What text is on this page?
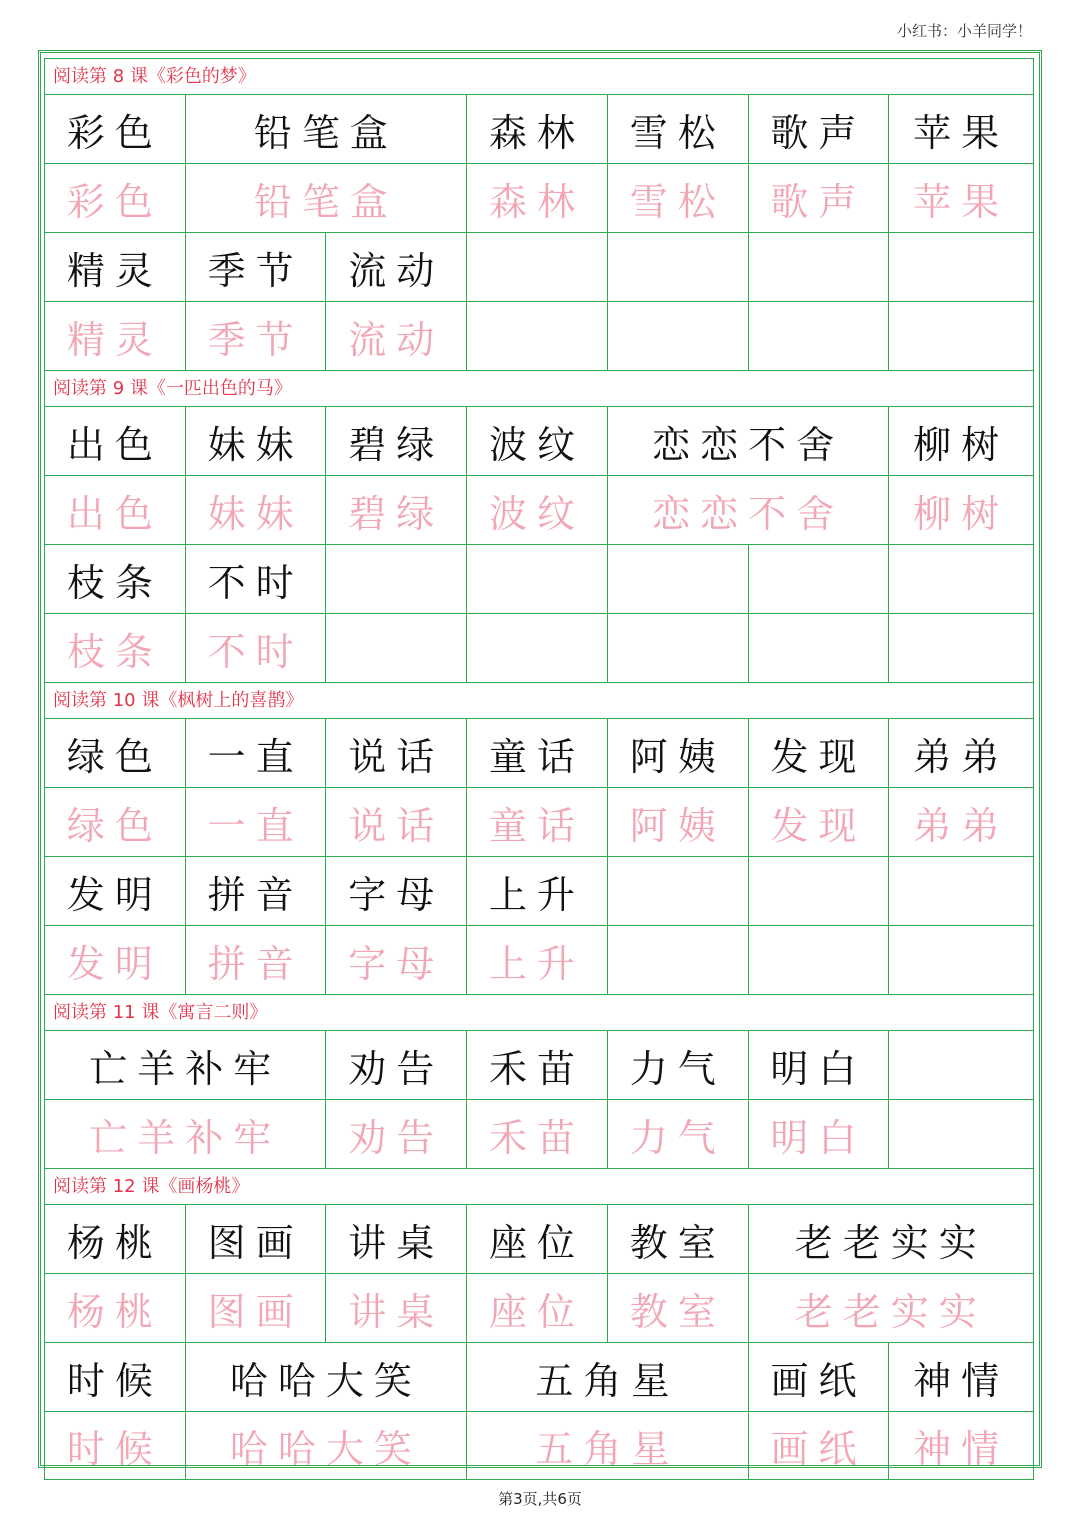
小红书：小羊同学！
阅读第 8 课《彩色的梦》
彩色	铅笔盒	森林	雪松	歌声	苹果
彩色	铅笔盒	森林	雪松	歌声	苹果
精灵	季节	流动
精灵	季节	流动
阅读第 9 课《一匹出色的马》
出色	妹妹	碧绿	波纹	恋恋不舍	柳树
出色	妹妹	碧绿	波纹	恋恋不舍	柳树
枝条	不时
枝条	不时
阅读第 10 课《枫树上的喜鹊》
绿色	一直	说话	童话	阿姨	发现	弟弟
绿色	一直	说话	童话	阿姨	发现	弟弟
发明	拼音	字母	上升
发明	拼音	字母	上升
阅读第 11 课《寓言二则》
亡羊补牢	劝告	禾苗	力气	明白
亡羊补牢	劝告	禾苗	力气	明白
阅读第 12 课《画杨桃》
杨桃	图画	讲桌	座位	教室	老老实实
杨桃	图画	讲桌	座位	教室	老老实实
时候	哈哈大笑	五角星	画纸	神情
时候	哈哈大笑	五角星	画纸	神情
第3页,共6页
